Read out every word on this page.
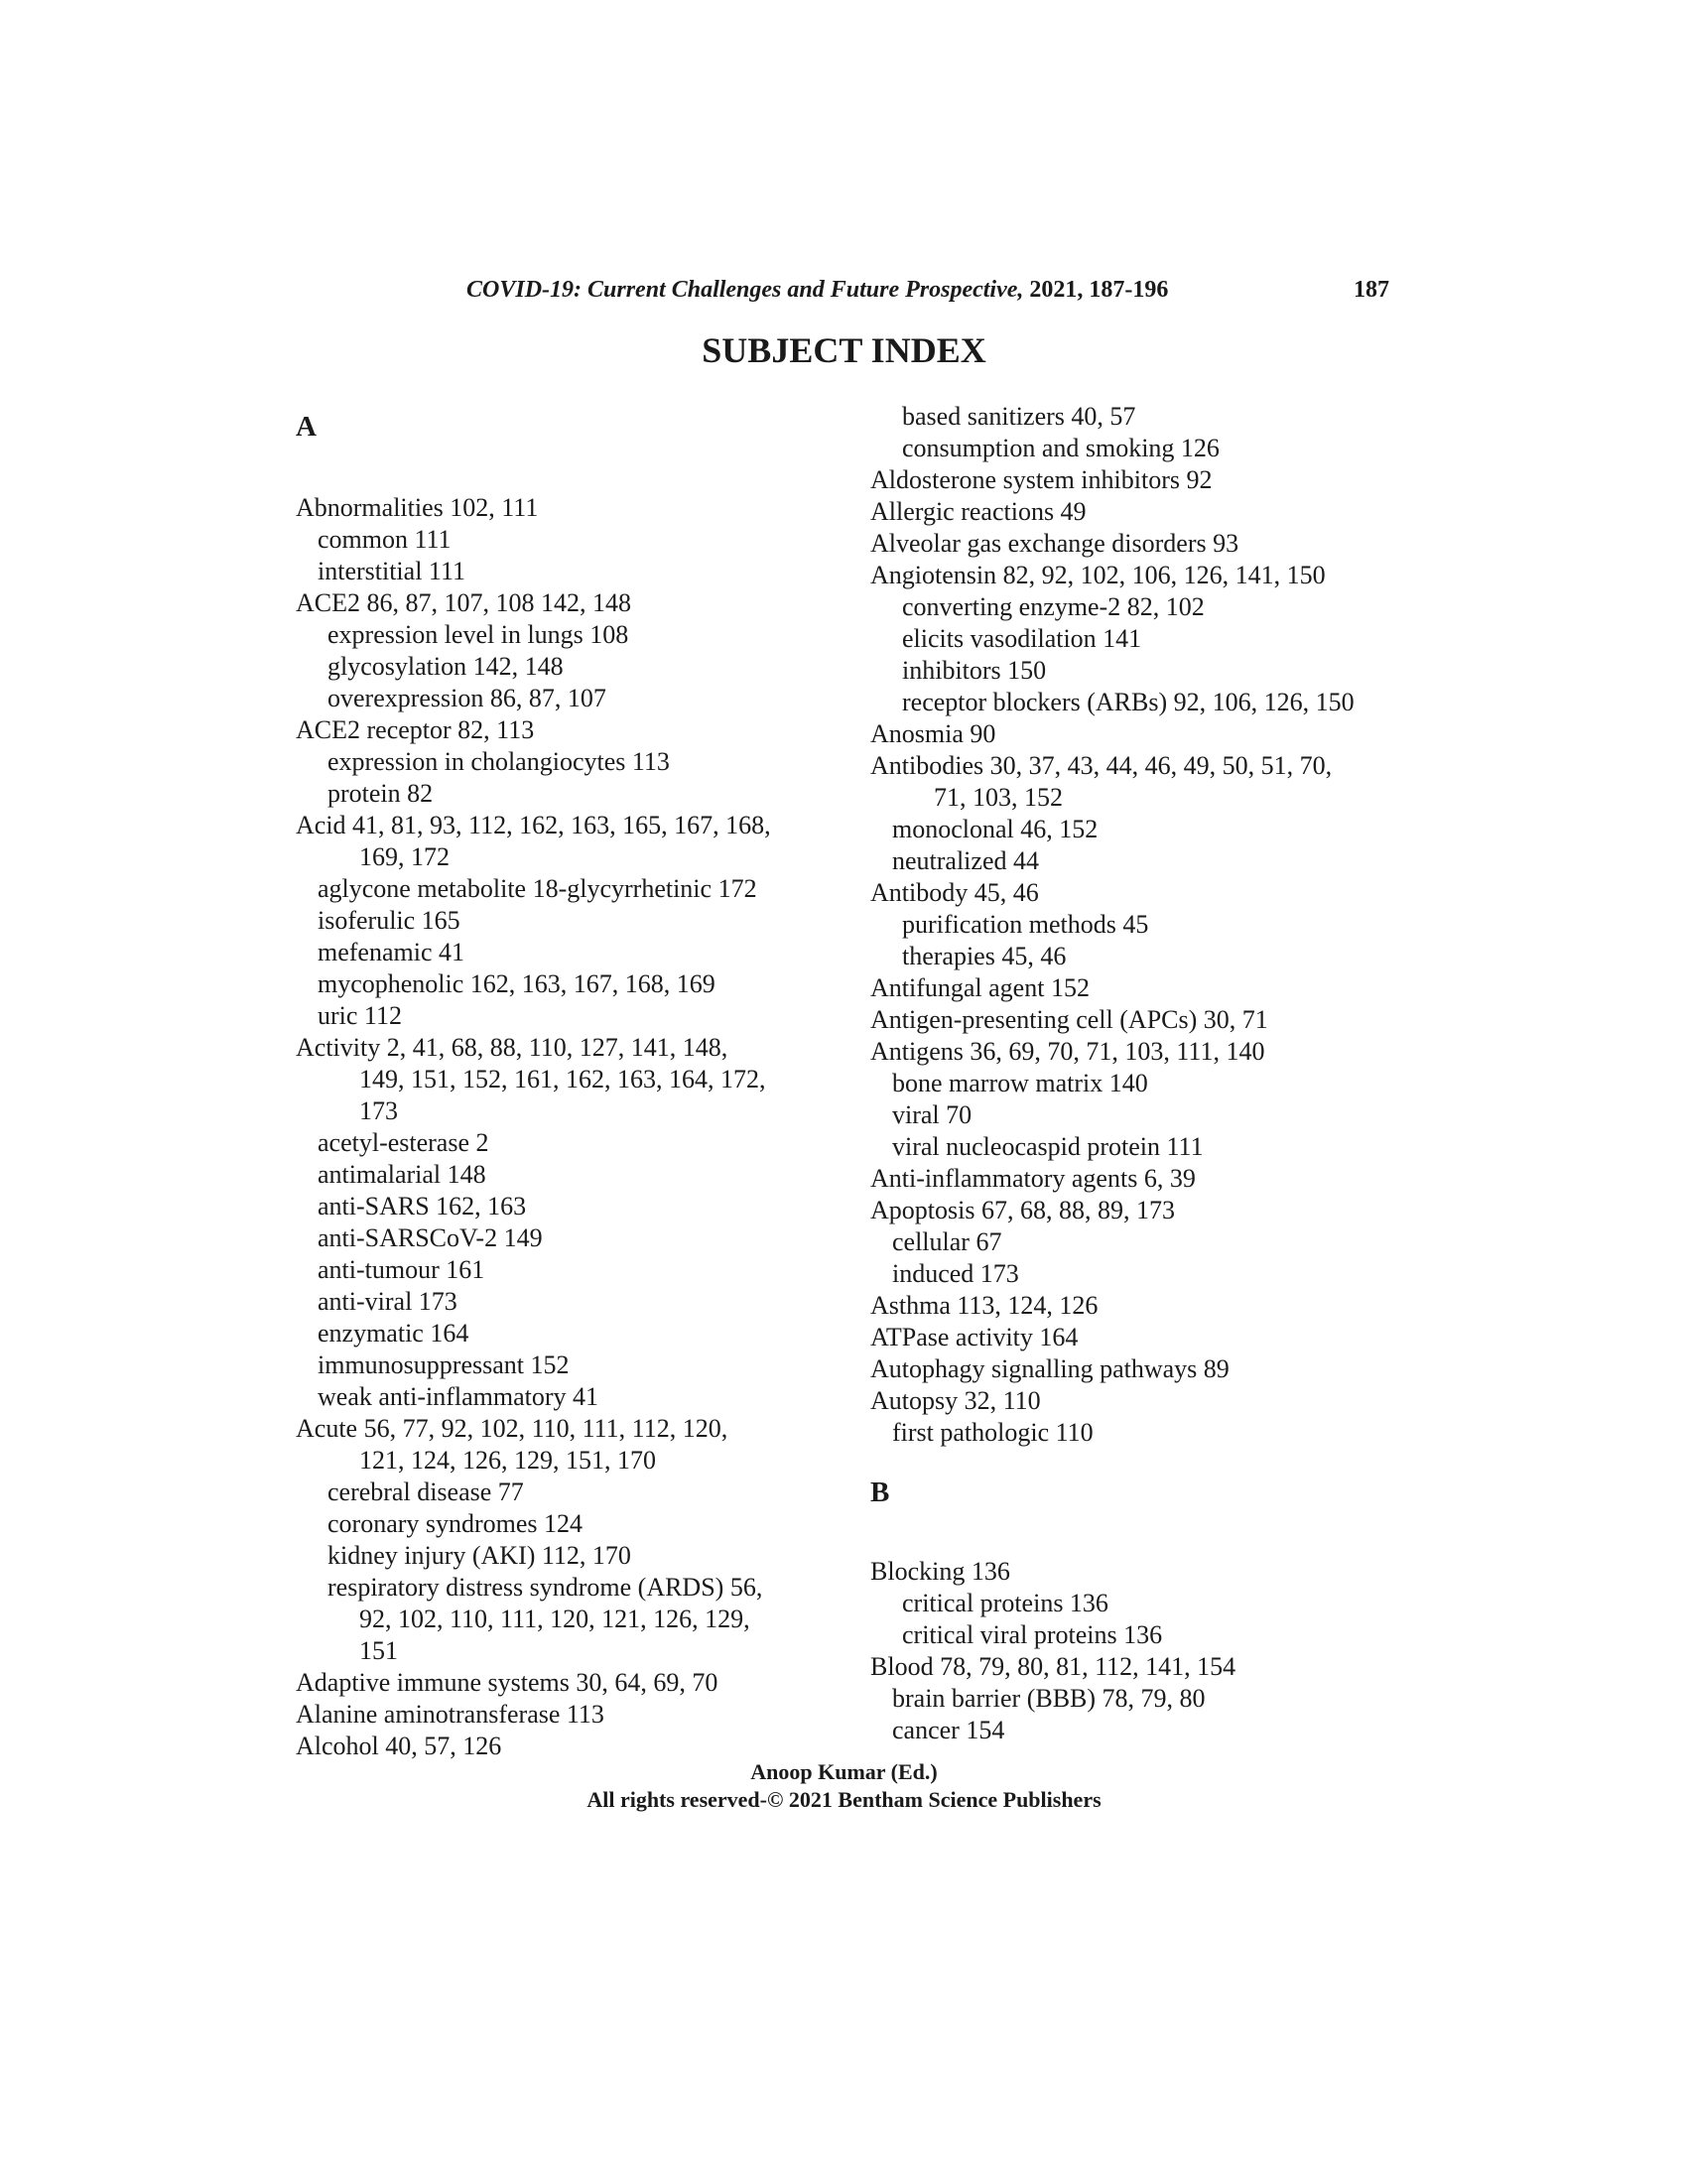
COVID-19: Current Challenges and Future Prospective, 2021, 187-196	187
SUBJECT INDEX
A
Abnormalities 102, 111
common 111
interstitial 111
ACE2 86, 87, 107, 108 142, 148
expression level in lungs 108
glycosylation 142, 148
overexpression 86, 87, 107
ACE2 receptor 82, 113
expression in cholangiocytes 113
protein 82
Acid 41, 81, 93, 112, 162, 163, 165, 167, 168,
169, 172
aglycone metabolite 18-glycyrrhetinic 172
isoferulic 165
mefenamic 41
mycophenolic 162, 163, 167, 168, 169
uric 112
Activity 2, 41, 68, 88, 110, 127, 141, 148,
149, 151, 152, 161, 162, 163, 164, 172,
173
acetyl-esterase 2
antimalarial 148
anti-SARS 162, 163
anti-SARSCoV-2 149
anti-tumour 161
anti-viral 173
enzymatic 164
immunosuppressant 152
weak anti-inflammatory 41
Acute 56, 77, 92, 102, 110, 111, 112, 120,
121, 124, 126, 129, 151, 170
cerebral disease 77
coronary syndromes 124
kidney injury (AKI) 112, 170
respiratory distress syndrome (ARDS) 56,
92, 102, 110, 111, 120, 121, 126, 129,
151
Adaptive immune systems 30, 64, 69, 70
Alanine aminotransferase 113
Alcohol 40, 57, 126
based sanitizers 40, 57
consumption and smoking 126
Aldosterone system inhibitors 92
Allergic reactions 49
Alveolar gas exchange disorders 93
Angiotensin 82, 92, 102, 106, 126, 141, 150
converting enzyme-2 82, 102
elicits vasodilation 141
inhibitors 150
receptor blockers (ARBs) 92, 106, 126, 150
Anosmia 90
Antibodies 30, 37, 43, 44, 46, 49, 50, 51, 70,
71, 103, 152
monoclonal 46, 152
neutralized 44
Antibody 45, 46
purification methods 45
therapies 45, 46
Antifungal agent 152
Antigen-presenting cell (APCs) 30, 71
Antigens 36, 69, 70, 71, 103, 111, 140
bone marrow matrix 140
viral 70
viral nucleocaspid protein 111
Anti-inflammatory agents 6, 39
Apoptosis 67, 68, 88, 89, 173
cellular 67
induced 173
Asthma 113, 124, 126
ATPase activity 164
Autophagy signalling pathways 89
Autopsy 32, 110
first pathologic 110
B
Blocking 136
critical proteins 136
critical viral proteins 136
Blood 78, 79, 80, 81, 112, 141, 154
brain barrier (BBB) 78, 79, 80
cancer 154
Anoop Kumar (Ed.)
All rights reserved-© 2021 Bentham Science Publishers
